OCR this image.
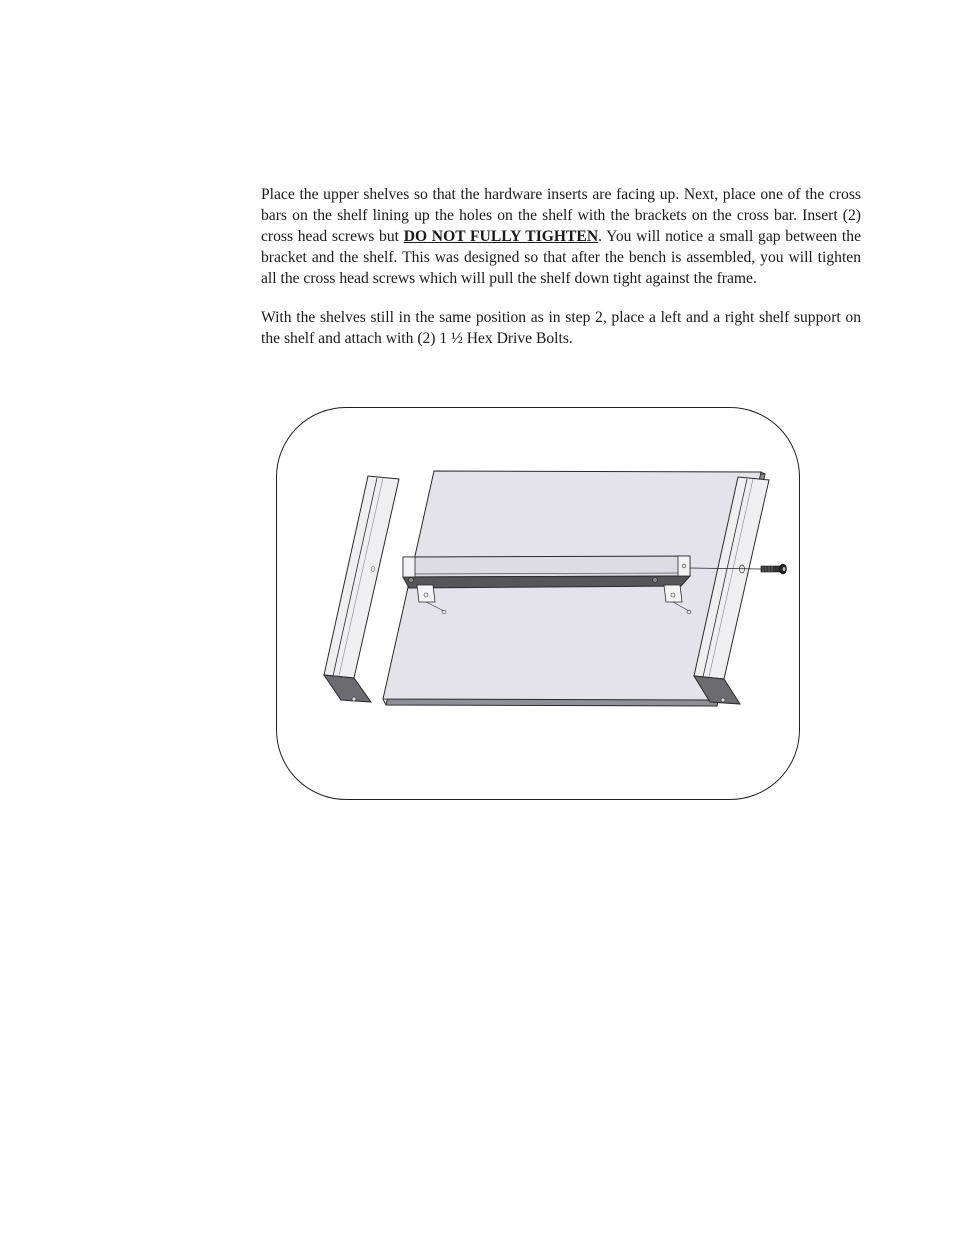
Place the upper shelves so that the hardware inserts are facing up. Next, place one of the cross bars on the shelf lining up the holes on the shelf with the brackets on the cross bar. Insert (2) cross head screws but DO NOT FULLY TIGHTEN. You will notice a small gap between the bracket and the shelf. This was designed so that after the bench is assembled, you will tighten all the cross head screws which will pull the shelf down tight against the frame.

With the shelves still in the same position as in step 2, place a left and a right shelf support on the shelf and attach with (2) 1 ½ Hex Drive Bolts.
